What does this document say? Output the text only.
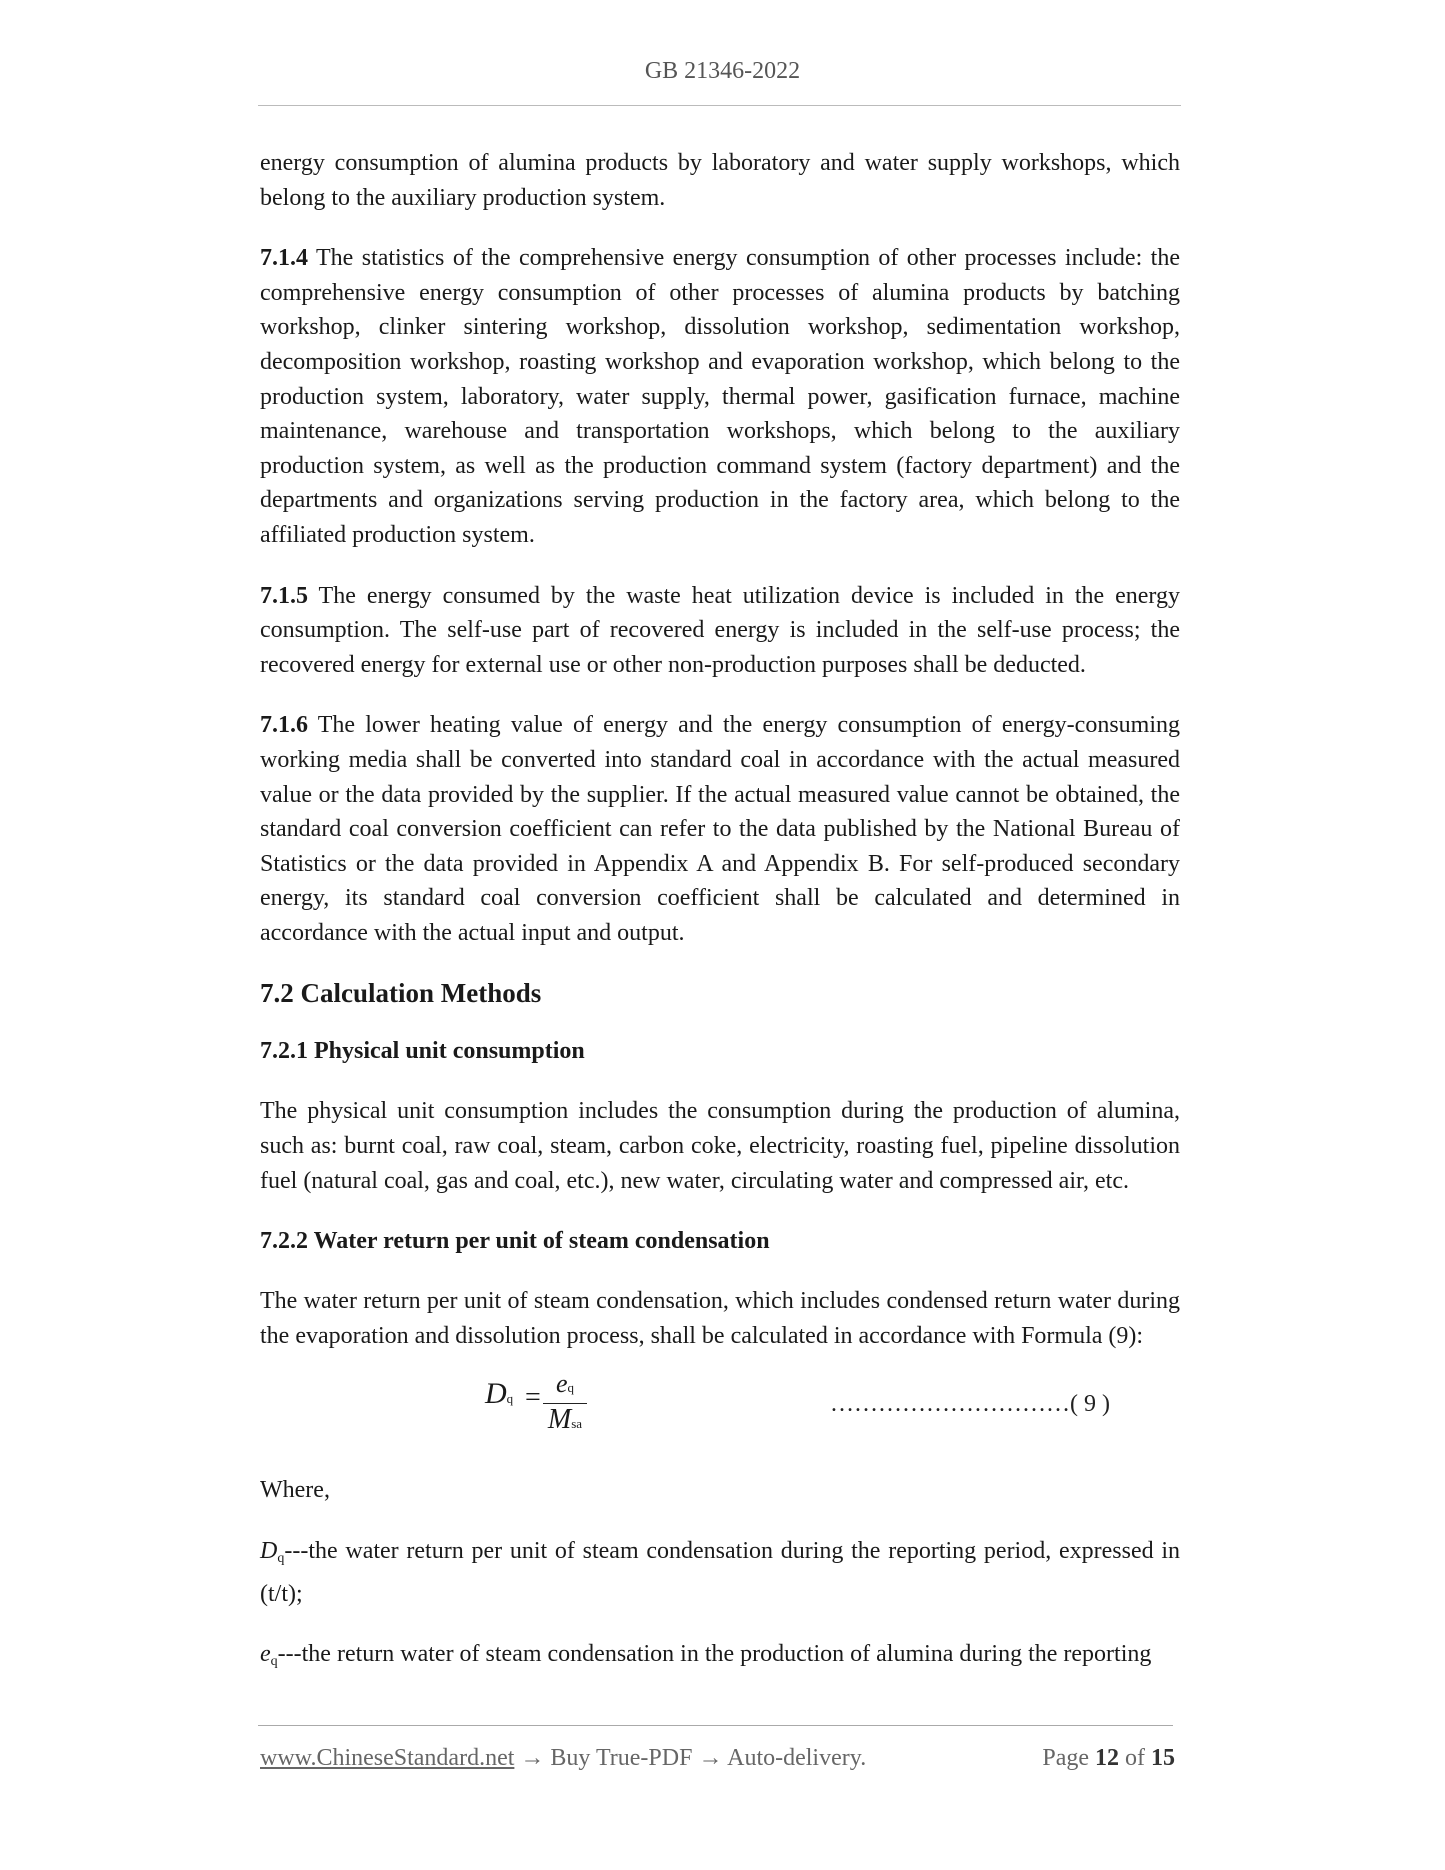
GB 21346-2022

energy consumption of alumina products by laboratory and water supply workshops, which belong to the auxiliary production system.

7.1.4 The statistics of the comprehensive energy consumption of other processes include: the comprehensive energy consumption of other processes of alumina products by batching workshop, clinker sintering workshop, dissolution workshop, sedimentation workshop, decomposition workshop, roasting workshop and evaporation workshop, which belong to the production system, laboratory, water supply, thermal power, gasification furnace, machine maintenance, warehouse and transportation workshops, which belong to the auxiliary production system, as well as the production command system (factory department) and the departments and organizations serving production in the factory area, which belong to the affiliated production system.

7.1.5 The energy consumed by the waste heat utilization device is included in the energy consumption. The self-use part of recovered energy is included in the self-use process; the recovered energy for external use or other non-production purposes shall be deducted.

7.1.6 The lower heating value of energy and the energy consumption of energy-consuming working media shall be converted into standard coal in accordance with the actual measured value or the data provided by the supplier. If the actual measured value cannot be obtained, the standard coal conversion coefficient can refer to the data published by the National Bureau of Statistics or the data provided in Appendix A and Appendix B. For self-produced secondary energy, its standard coal conversion coefficient shall be calculated and determined in accordance with the actual input and output.

7.2 Calculation Methods
7.2.1 Physical unit consumption

The physical unit consumption includes the consumption during the production of alumina, such as: burnt coal, raw coal, steam, carbon coke, electricity, roasting fuel, pipeline dissolution fuel (natural coal, gas and coal, etc.), new water, circulating water and compressed air, etc.

7.2.2 Water return per unit of steam condensation

The water return per unit of steam condensation, which includes condensed return water during the evaporation and dissolution process, shall be calculated in accordance with Formula (9):

Dq = eq
Msa
…………………………( 9 )

Where,

Dq---the water return per unit of steam condensation during the reporting period, expressed in (t/t);

eq---the return water of steam condensation in the production of alumina during the reporting

www.ChineseStandard.net → Buy True-PDF → Auto-delivery.	Page 12 of 15
